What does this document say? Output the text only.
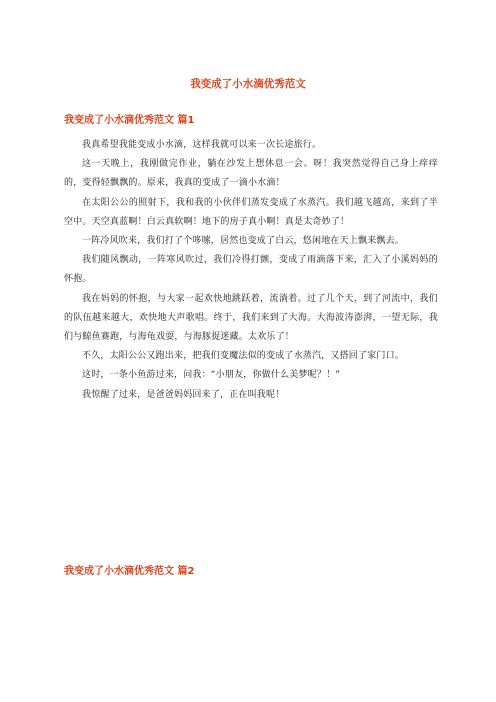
我变成了小水滴优秀范文
我变成了小水滴优秀范文 篇1

我真希望我能变成小水滴，这样我就可以来一次长途旅行。

这一天晚上，我刚做完作业，躺在沙发上想休息一会。呀！我突然觉得自己身上痒痒的，变得轻飘飘的。原来，我真的变成了一滴小水滴！

在太阳公公的照射下，我和我的小伙伴们蒸发变成了水蒸汽。我们越飞越高，来到了半空中。天空真蓝啊！白云真软啊！地下的房子真小啊！真是太奇妙了！

一阵冷风吹来，我们打了个哆嗦，居然也变成了白云，悠闲地在天上飘来飘去。

我们随风飘动，一阵寒风吹过，我们冷得打颤，变成了雨滴落下来，汇入了小溪妈妈的怀抱。

我在妈妈的怀抱，与大家一起欢快地跳跃着，流淌着。过了几个天，到了河流中，我们的队伍越来越大，欢快地大声歌唱。终于，我们来到了大海。大海波涛澎湃，一望无际，我们与鲸鱼赛跑，与海龟戏耍，与海豚捉迷藏。太欢乐了！

不久，太阳公公又跑出来，把我们变魔法似的变成了水蒸汽，又搭回了家门口。

这时，一条小鱼游过来，问我：“小朋友，你做什么美梦呢？！”

我惊醒了过来，是爸爸妈妈回来了，正在叫我呢！

我变成了小水滴优秀范文 篇2
